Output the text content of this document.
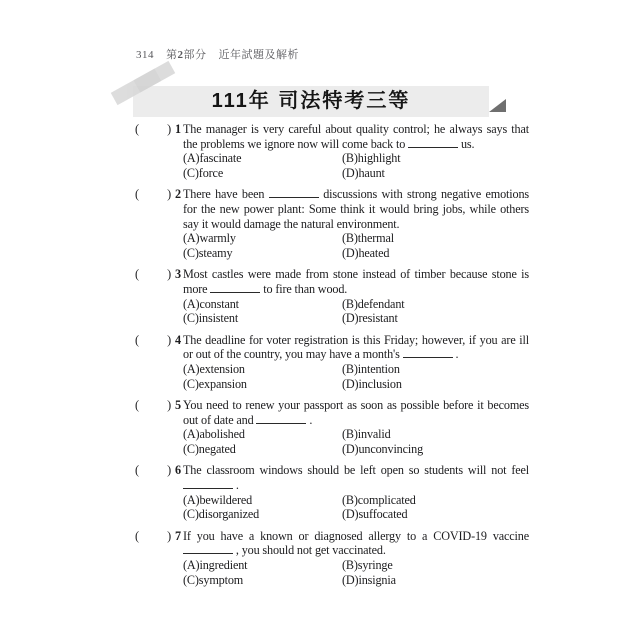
314 第2部分 近年試題及解析
111年 司法特考三等
( ) 1 The manager is very careful about quality control; he always says that the problems we ignore now will come back to	us.
(A)fascinate	(B)highlight
(C)force	(D)haunt
( ) 2 There have been	discussions with strong negative emotions for the new power plant: Some think it would bring jobs, while others say it would damage the natural environment.
(A)warmly	(B)thermal
(C)steamy	(D)heated
( ) 3 Most castles were made from stone instead of timber because stone is more	to fire than wood.
(A)constant	(B)defendant
(C)insistent	(D)resistant
( ) 4 The deadline for voter registration is this Friday; however, if you are ill or out of the country, you may have a month's	.
(A)extension	(B)intention
(C)expansion	(D)inclusion
( ) 5 You need to renew your passport as soon as possible before it becomes out of date and	.
(A)abolished	(B)invalid
(C)negated	(D)unconvincing
( ) 6 The classroom windows should be left open so students will not feel  .
(A)bewildered	(B)complicated
(C)disorganized	(D)suffocated
( ) 7 If you have a known or diagnosed allergy to a COVID-19 vaccine  , you should not get vaccinated.
(A)ingredient	(B)syringe
(C)symptom	(D)insignia
